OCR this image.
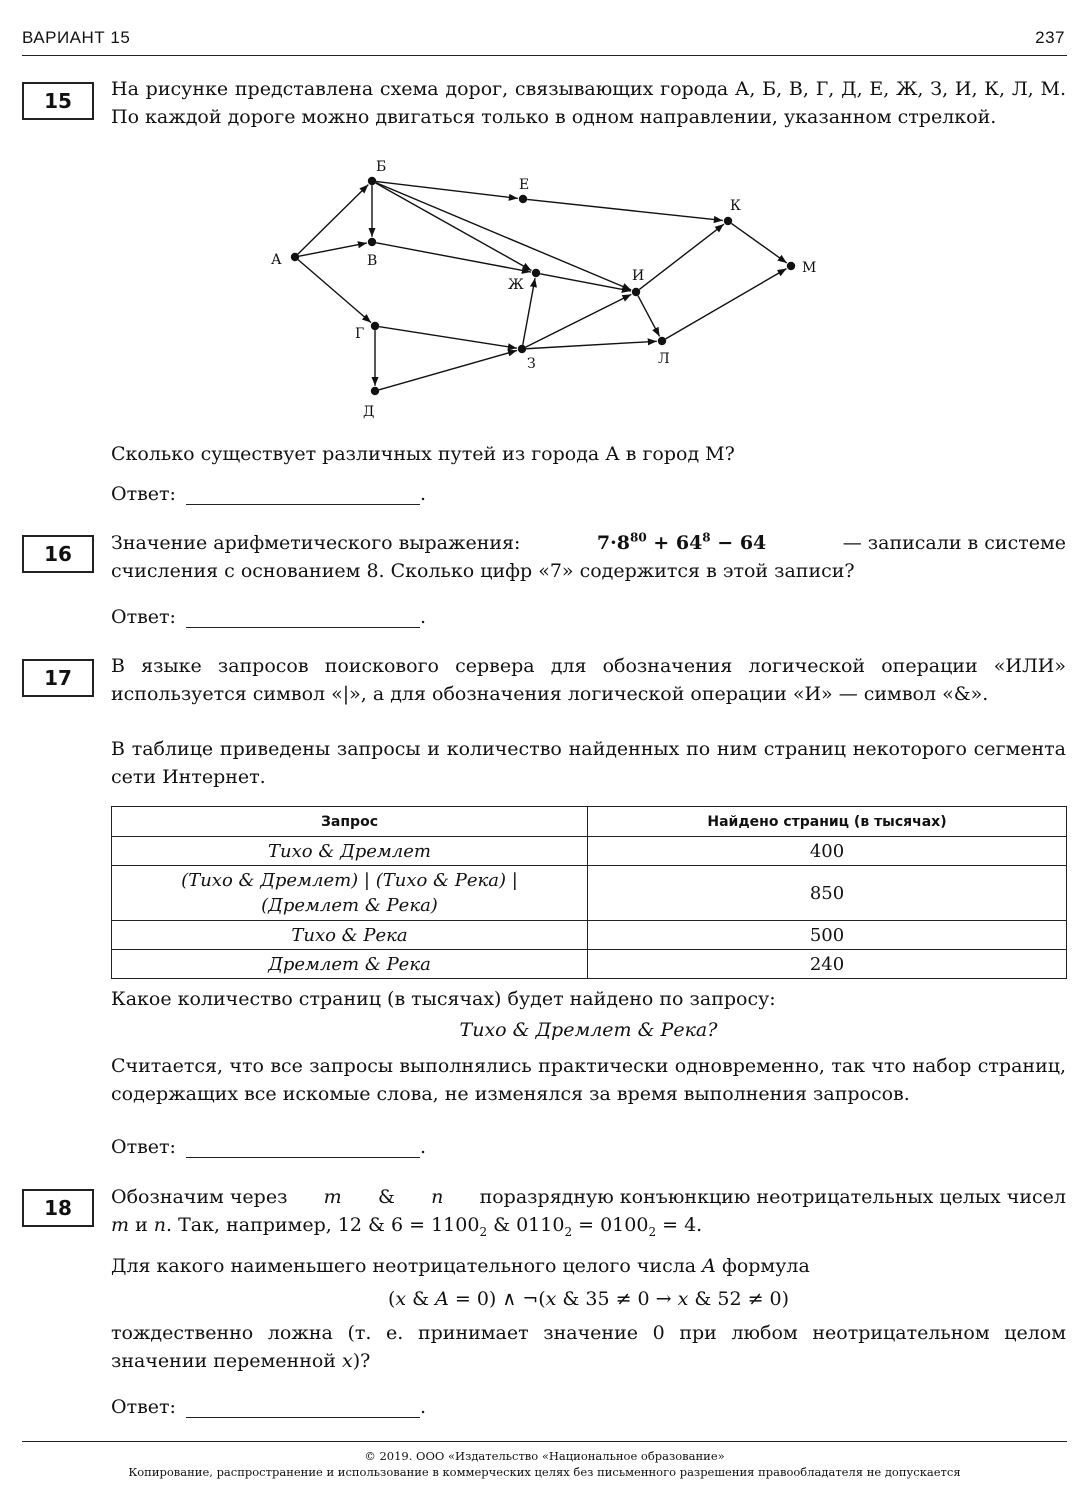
ВАРИАНТ 15	237
15	На рисунке представлена схема дорог, связывающих города А, Б, В, Г, Д, Е, Ж, З, И, К, Л, М. По каждой дороге можно двигаться только в одном направлении, указанном стрелкой.

А
Б
В
Г
Д
Е
Ж
З
И
К
Л
М
Сколько существует различных путей из города А в город М?
Ответ:	.
16	Значение арифметического выражения:	$7\cdot 8^{80} + 64^8 - 64$	— записали в системе
счисления с основанием 8. Сколько цифр «7» содержится в этой записи?
Ответ:	.
17	В языке запросов поискового сервера для обозначения логической операции «ИЛИ» используется символ «|», а для обозначения логической операции «И» — символ «&».

В таблице приведены запросы и количество найденных по ним страниц некоторого сегмента сети Интернет.

Запрос	Найдено страниц (в тысячах)
Тихо & Дремлет	400
(Тихо & Дремлет) | (Тихо & Река) |
(Дремлет & Река)	850
Тихо & Река	500
Дремлет & Река	240
Какое количество страниц (в тысячах) будет найдено по запросу:
Тихо & Дремлет & Река?

Считается, что все запросы выполнялись практически одновременно, так что набор страниц, содержащих все искомые слова, не изменялся за время выполнения запросов.

Ответ:	.
18	Обозначим через m & n поразрядную конъюнкцию неотрицательных целых чисел
m и n. Так, например, 12 & $6 = 1100_2$ & $0110_2 = 0100_2 = 4$.
Для какого наименьшего неотрицательного целого числа A формула
(x & A = 0) ∧ ¬(x & 35 ≠ 0 → x & 52 ≠ 0)

тождественно ложна (т. е. принимает значение 0 при любом неотрицательном целом

значении переменной x)?
Ответ:	.
© 2019. ООО «Издательство «Национальное образование»
Копирование, распространение и использование в коммерческих целях без письменного разрешения правообладателя не допускается
